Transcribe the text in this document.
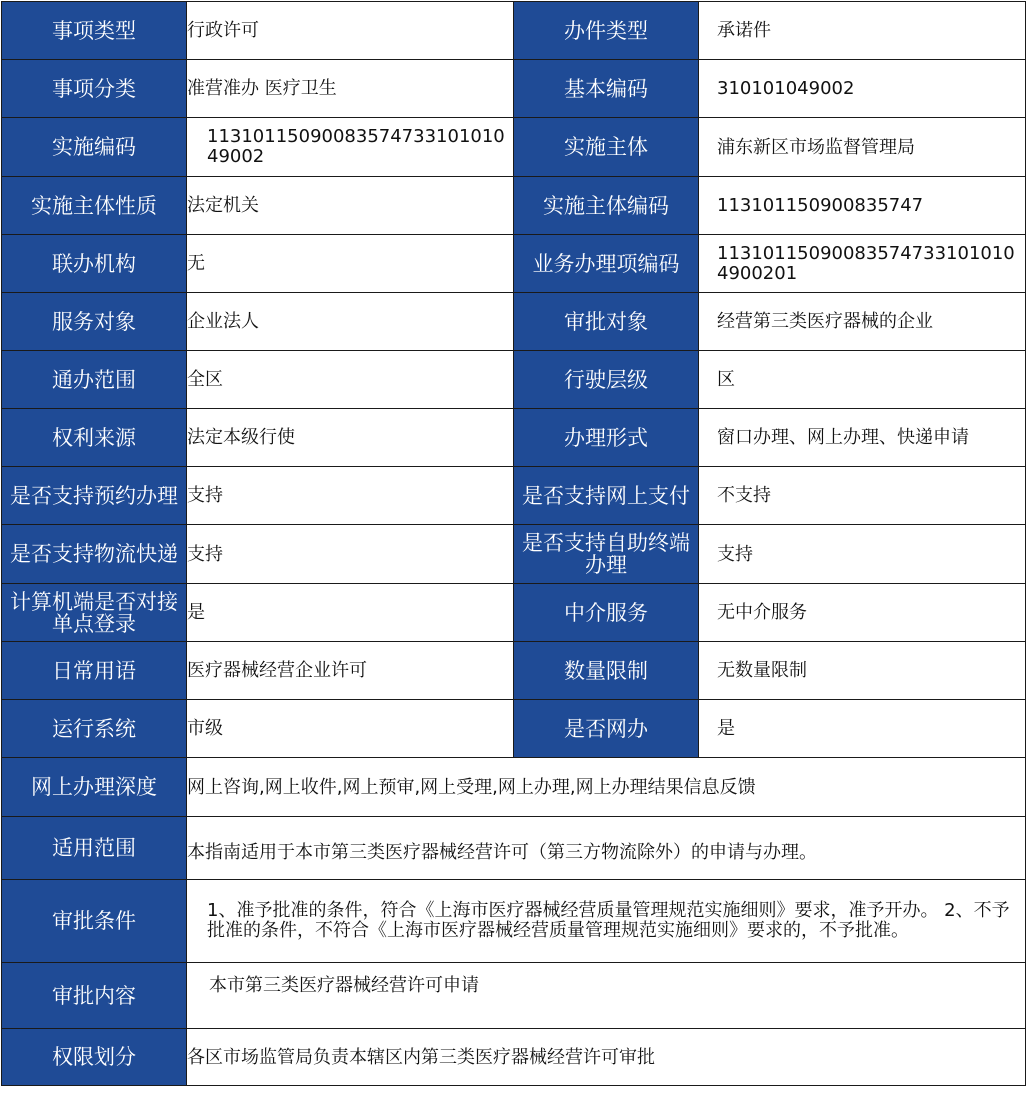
事项类型	行政许可	办件类型	承诺件
事项分类	准营准办 医疗卫生	基本编码	310101049002
实施编码	11310115090083574733101010 49002	实施主体	浦东新区市场监督管理局
实施主体性质	法定机关	实施主体编码	113101150900835747
联办机构	无	业务办理项编码	11310115090083574733101010 4900201
服务对象	企业法人	审批对象	经营第三类医疗器械的企业
通办范围	全区	行驶层级	区
权利来源	法定本级行使	办理形式	窗口办理、网上办理、快递申请
是否支持预约办理	支持	是否支持网上支付	不支持
是否支持物流快递	支持	是否支持自助终端办理	支持
计算机端是否对接单点登录	是	中介服务	无中介服务
日常用语	医疗器械经营企业许可	数量限制	无数量限制
运行系统	市级	是否网办	是
网上办理深度	网上咨询,网上收件,网上预审,网上受理,网上办理,网上办理结果信息反馈		
适用范围	本指南适用于本市第三类医疗器械经营许可（第三方物流除外）的申请与办理。		
审批条件	1、准予批准的条件，符合《上海市医疗器械经营质量管理规范实施细则》要求，准予开办。 2、不予批准的条件，不符合《上海市医疗器械经营质量管理规范实施细则》要求的，不予批准。		
审批内容	本市第三类医疗器械经营许可申请		
权限划分	各区市场监管局负责本辖区内第三类医疗器械经营许可审批		
